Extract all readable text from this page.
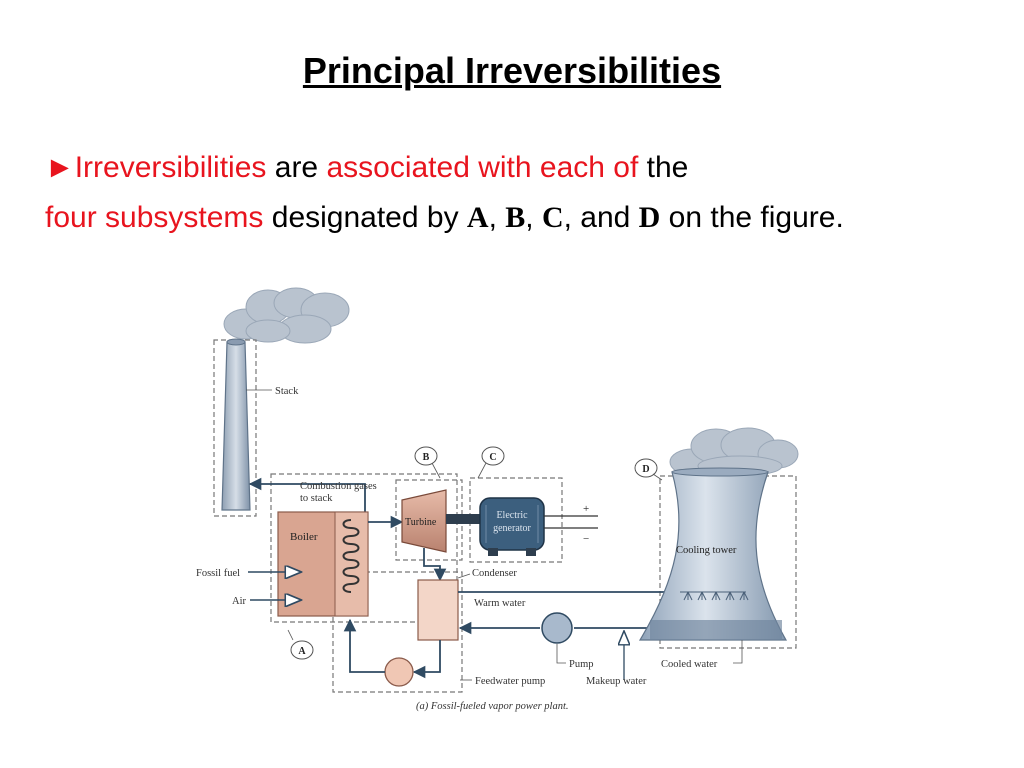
Principal Irreversibilities
►Irreversibilities are associated with each of the
four subsystems designated by A, B, C, and D on the figure.
Stack
Combustion gases
to stack
Boiler
Fossil fuel
Air
Turbine
Electric
generator
+
−
Condenser
Warm water
Cooling tower
Pump	Cooled water
Feedwater pump	Makeup water
A
B	C
D
(a) Fossil-fueled vapor power plant.
